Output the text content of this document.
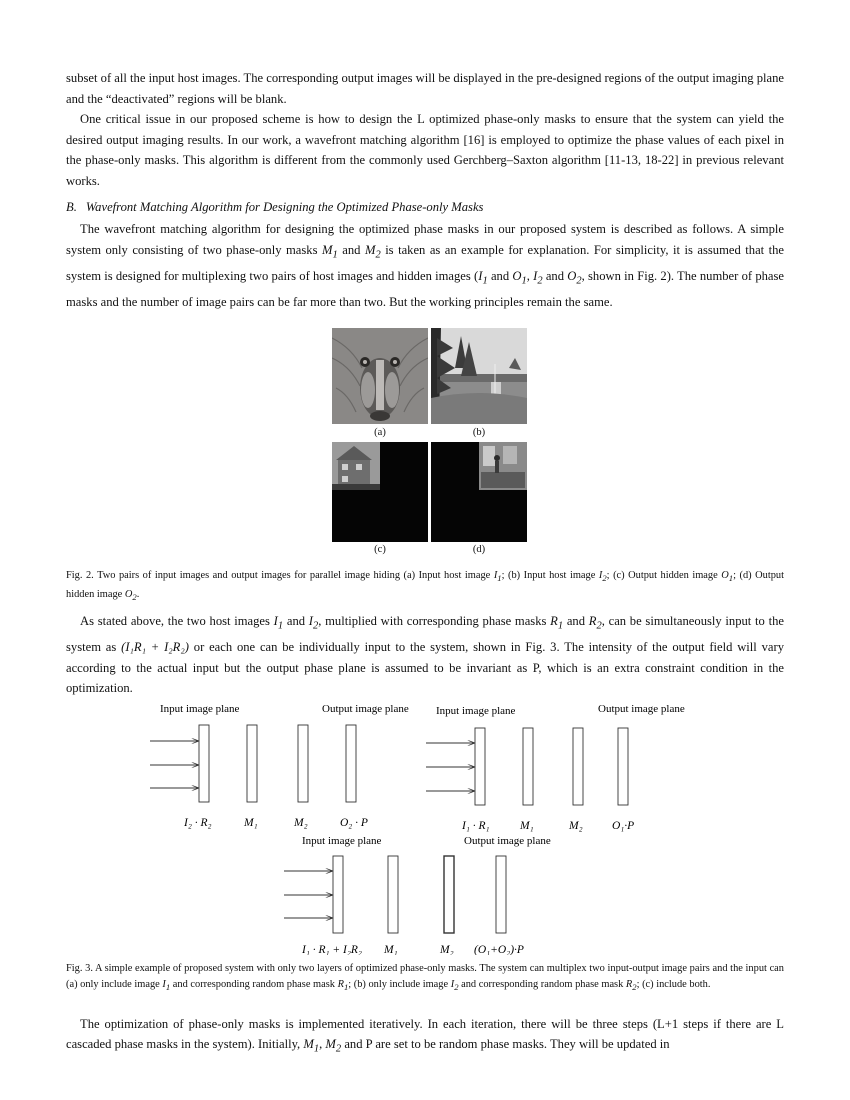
subset of all the input host images. The corresponding output images will be displayed in the pre-designed regions of the output imaging plane and the “deactivated” regions will be blank.

One critical issue in our proposed scheme is how to design the L optimized phase-only masks to ensure that the system can yield the desired output imaging results. In our work, a wavefront matching algorithm [16] is employed to optimize the phase values of each pixel in the phase-only masks. This algorithm is different from the commonly used Gerchberg–Saxton algorithm [11-13, 18-22] in previous relevant works.

B. Wavefront Matching Algorithm for Designing the Optimized Phase-only Masks

The wavefront matching algorithm for designing the optimized phase masks in our proposed system is described as follows. A simple system only consisting of two phase-only masks $M_1$ and $M_2$ is taken as an example for explanation. For simplicity, it is assumed that the system is designed for multiplexing two pairs of host images and hidden images ($I_1$ and $O_1$, $I_2$ and $O_2$, shown in Fig. 2). The number of phase masks and the number of image pairs can be far more than two. But the working principles remain the same.

(a)	(b)
(c)	(d)

Fig. 2. Two pairs of input images and output images for parallel image hiding (a) Input host image $I_1$; (b) Input host image $I_2$; (c) Output hidden image $O_1$; (d) Output hidden image $O_2$.

As stated above, the two host images $I_1$ and $I_2$, multiplied with corresponding phase masks $R_1$ and $R_2$, can be simultaneously input to the system as (I₁R₁ + I₂R₂) or each one can be individually input to the system, shown in Fig. 3. The intensity of the output field will vary according to the actual input but the output phase plane is assumed to be invariant as P, which is an extra constraint condition in the optimization.

Input image plane	Output image plane
I₂ · R₂	M₁	M₂	O₂ · P
Input image plane	Output image plane
I₁ · R₁	M₁	M₂	O₁·P
Input image plane	Output image plane
I₁ · R₁ + I₂R₂ M₁	M₂ (O₁+O₂)·P

Fig. 3. A simple example of proposed system with only two layers of optimized phase-only masks. The system can multiplex two input-output image pairs and the input can (a) only include image $I_1$ and corresponding random phase mask $R_1$; (b) only include image $I_2$ and corresponding random phase mask $R_2$; (c) include both.

The optimization of phase-only masks is implemented iteratively. In each iteration, there will be three steps (L+1 steps if there are L cascaded phase masks in the system). Initially, $M_1$, $M_2$ and P are set to be random phase masks. They will be updated in
